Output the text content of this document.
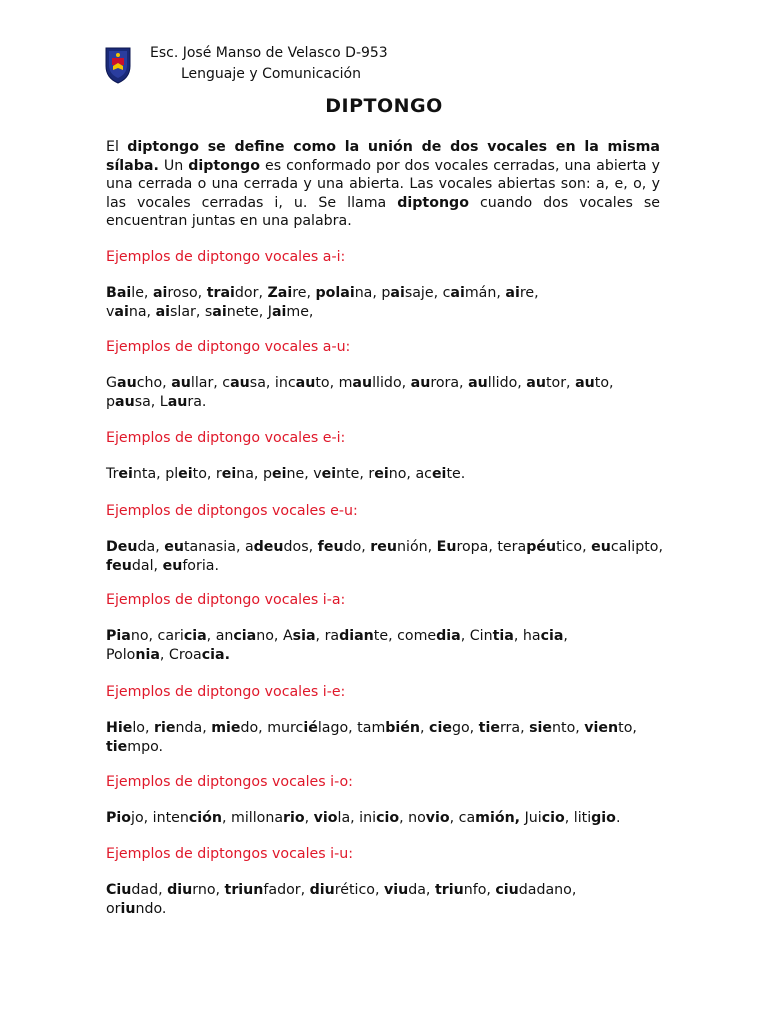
Esc. José Manso de Velasco D-953
Lenguaje y Comunicación
DIPTONGO

El diptongo se define como la unión de dos vocales en la misma sílaba. Un diptongo es conformado por dos vocales cerradas, una abierta y una cerrada o una cerrada y una abierta. Las vocales abiertas son: a, e, o, y las vocales cerradas i, u. Se llama diptongo cuando dos vocales se encuentran juntas en una palabra.

Ejemplos de diptongo vocales a-i:

Baile, airoso, traidor, Zaire, polaina, paisaje, caimán, aire,
vaina, aislar, sainete, Jaime,

Ejemplos de diptongo vocales a-u:

Gaucho, aullar, causa, incauto, maullido, aurora, aullido, autor, auto,
pausa, Laura.

Ejemplos de diptongo vocales e-i:

Treinta, pleito, reina, peine, veinte, reino, aceite.

Ejemplos de diptongos vocales e-u:

Deuda, eutanasia, adeudos, feudo, reunión, Europa, terapéutico, eucalipto,
feudal, euforia.

Ejemplos de diptongo vocales i-a:

Piano, caricia, anciano, Asia, radiante, comedia, Cintia, hacia,
Polonia, Croacia.

Ejemplos de diptongo vocales i-e:

Hielo, rienda, miedo, murciélago, también, ciego, tierra, siento, viento,
tiempo.

Ejemplos de diptongos vocales i-o:

Piojo, intención, millonario, viola, inicio, novio, camión, Juicio, litigio.

Ejemplos de diptongos vocales i-u:

Ciudad, diurno, triunfador, diurético, viuda, triunfo, ciudadano,
oriundo.
